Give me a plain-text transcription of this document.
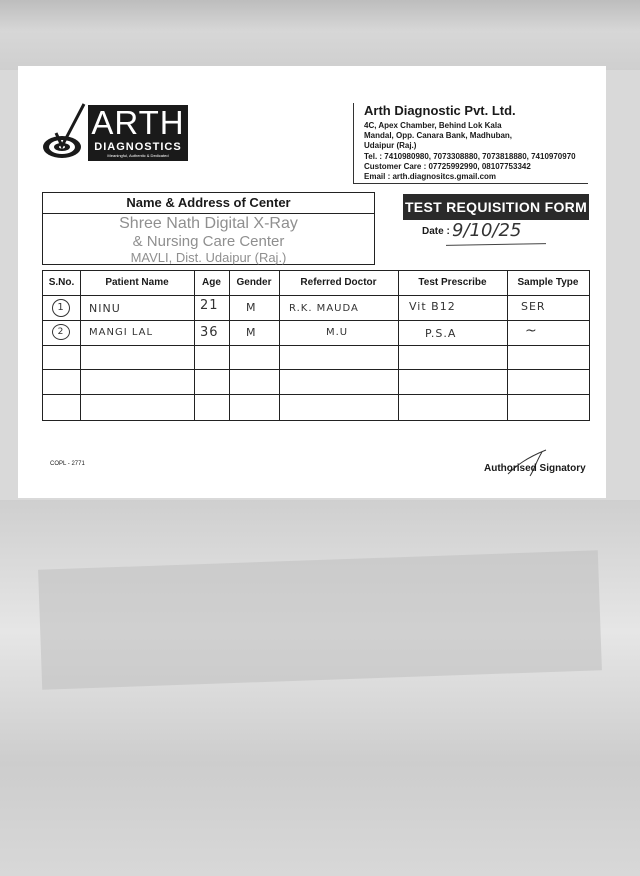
ARTH
DIAGNOSTICS
Meaningful, Authentic & Dedicated
Arth Diagnostic Pvt. Ltd.
4C, Apex Chamber, Behind Lok Kala
Mandal, Opp. Canara Bank, Madhuban,
Udaipur (Raj.)
Tel. : 7410980980, 7073308880, 7073818880, 7410970970
Customer Care : 07725992990, 08107753342
Email : arth.diagnositcs.gmail.com
Name & Address of Center
Shree Nath Digital X-Ray
& Nursing Care Center
MAVLI, Dist. Udaipur (Raj.)
TEST REQUISITION FORM
Date : 9/10/25
S.No.	Patient Name	Age	Gender	Referred Doctor	Test Prescribe	Sample Type
1	NINU	21 M	R.K. MAUDA	Vit B12	SER
2	MANGI LAL	36 M	M.U	P.S.A	~
COPL - 2771	Authorised Signatory
